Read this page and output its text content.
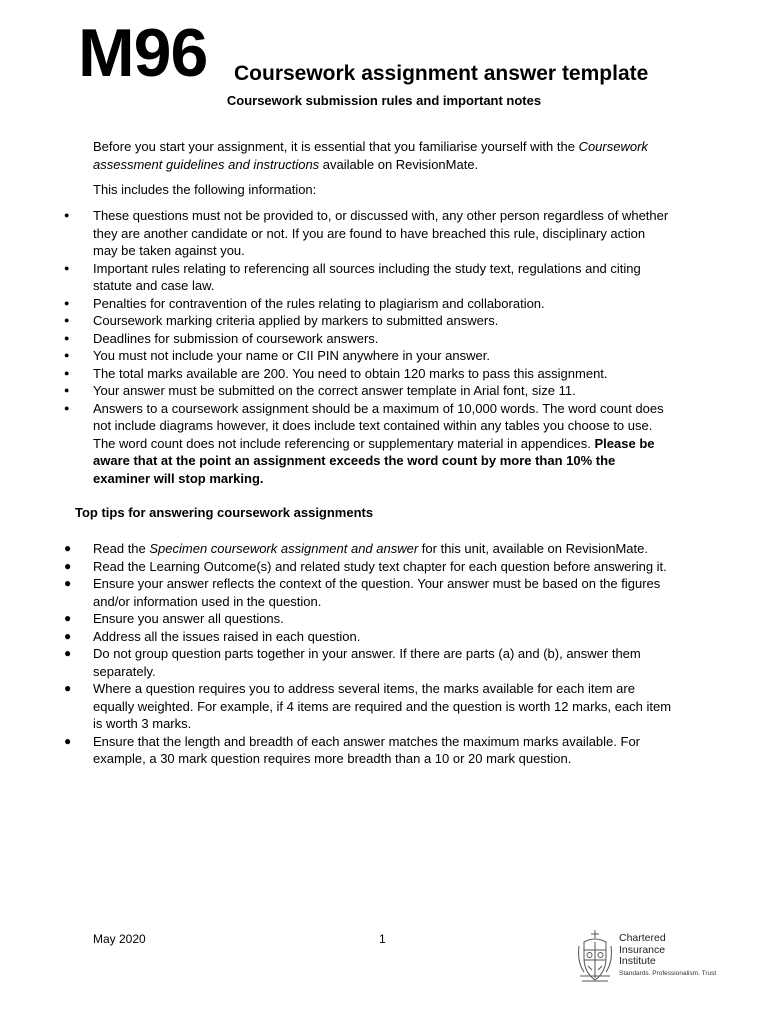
M96 Coursework assignment answer template
Coursework submission rules and important notes
Before you start your assignment, it is essential that you familiarise yourself with the Coursework assessment guidelines and instructions available on RevisionMate.
This includes the following information:
● These questions must not be provided to, or discussed with, any other person regardless of whether they are another candidate or not. If you are found to have breached this rule, disciplinary action may be taken against you.
● Important rules relating to referencing all sources including the study text, regulations and citing statute and case law.
● Penalties for contravention of the rules relating to plagiarism and collaboration.
● Coursework marking criteria applied by markers to submitted answers.
● Deadlines for submission of coursework answers.
● You must not include your name or CII PIN anywhere in your answer.
● The total marks available are 200. You need to obtain 120 marks to pass this assignment.
● Your answer must be submitted on the correct answer template in Arial font, size 11.
● Answers to a coursework assignment should be a maximum of 10,000 words. The word count does not include diagrams however, it does include text contained within any tables you choose to use. The word count does not include referencing or supplementary material in appendices. Please be aware that at the point an assignment exceeds the word count by more than 10% the examiner will stop marking.
Top tips for answering coursework assignments
● Read the Specimen coursework assignment and answer for this unit, available on RevisionMate.
● Read the Learning Outcome(s) and related study text chapter for each question before answering it.
● Ensure your answer reflects the context of the question. Your answer must be based on the figures and/or information used in the question.
● Ensure you answer all questions.
● Address all the issues raised in each question.
● Do not group question parts together in your answer. If there are parts (a) and (b), answer them separately.
● Where a question requires you to address several items, the marks available for each item are equally weighted. For example, if 4 items are required and the question is worth 12 marks, each item is worth 3 marks.
● Ensure that the length and breadth of each answer matches the maximum marks available. For example, a 30 mark question requires more breadth than a 10 or 20 mark question.
May 2020	1	Chartered
Insurance
Institute
Standards. Professionalism. Trust
